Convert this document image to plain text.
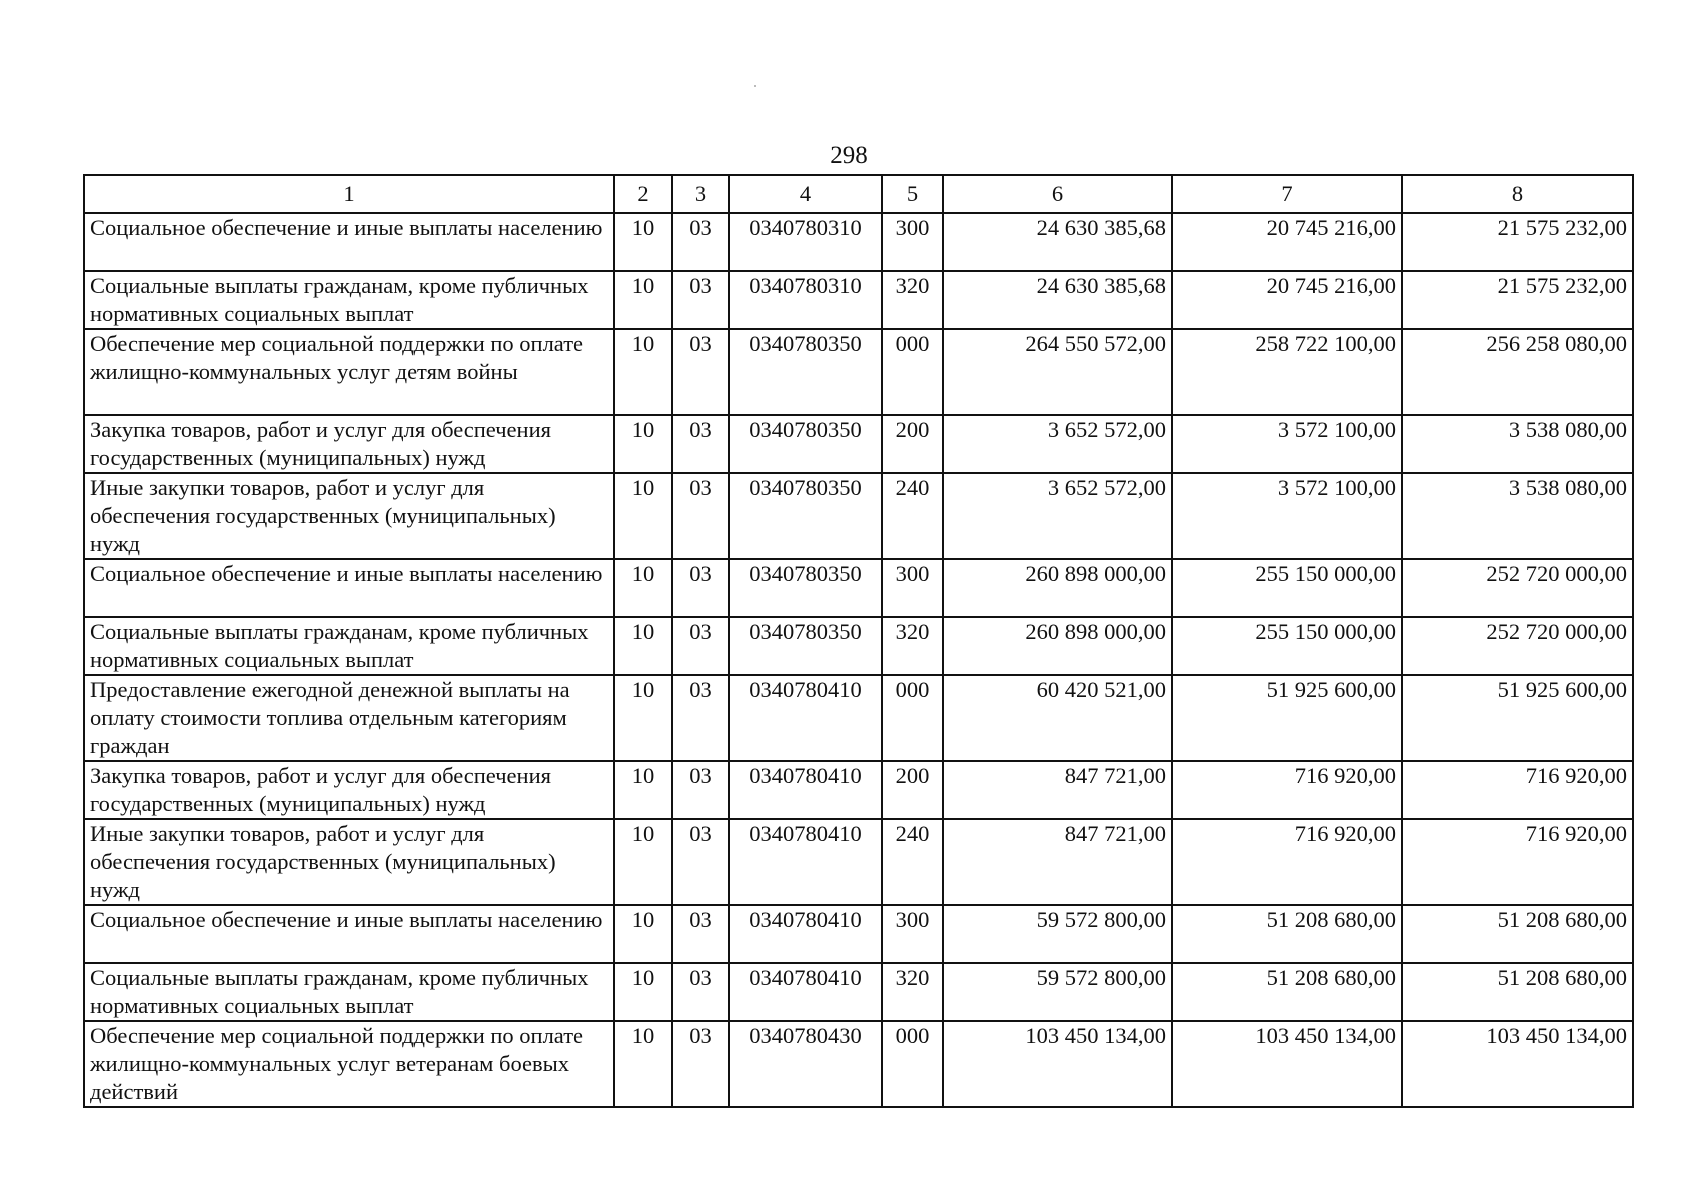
298
1	2	3	4	5	6	7	8
Социальное обеспечение и иные выплаты населению	10	03	0340780310	300	24 630 385,68	20 745 216,00	21 575 232,00
Социальные выплаты гражданам, кроме публичных нормативных социальных выплат	10	03	0340780310	320	24 630 385,68	20 745 216,00	21 575 232,00
Обеспечение мер социальной поддержки по оплате жилищно-коммунальных услуг детям войны	10	03	0340780350	000	264 550 572,00	258 722 100,00	256 258 080,00
Закупка товаров, работ и услуг для обеспечения государственных (муниципальных) нужд	10	03	0340780350	200	3 652 572,00	3 572 100,00	3 538 080,00
Иные закупки товаров, работ и услуг для обеспечения государственных (муниципальных) нужд	10	03	0340780350	240	3 652 572,00	3 572 100,00	3 538 080,00
Социальное обеспечение и иные выплаты населению	10	03	0340780350	300	260 898 000,00	255 150 000,00	252 720 000,00
Социальные выплаты гражданам, кроме публичных нормативных социальных выплат	10	03	0340780350	320	260 898 000,00	255 150 000,00	252 720 000,00
Предоставление ежегодной денежной выплаты на оплату стоимости топлива отдельным категориям граждан	10	03	0340780410	000	60 420 521,00	51 925 600,00	51 925 600,00
Закупка товаров, работ и услуг для обеспечения государственных (муниципальных) нужд	10	03	0340780410	200	847 721,00	716 920,00	716 920,00
Иные закупки товаров, работ и услуг для обеспечения государственных (муниципальных) нужд	10	03	0340780410	240	847 721,00	716 920,00	716 920,00
Социальное обеспечение и иные выплаты населению	10	03	0340780410	300	59 572 800,00	51 208 680,00	51 208 680,00
Социальные выплаты гражданам, кроме публичных нормативных социальных выплат	10	03	0340780410	320	59 572 800,00	51 208 680,00	51 208 680,00
Обеспечение мер социальной поддержки по оплате жилищно-коммунальных услуг ветеранам боевых действий	10	03	0340780430	000	103 450 134,00	103 450 134,00	103 450 134,00
